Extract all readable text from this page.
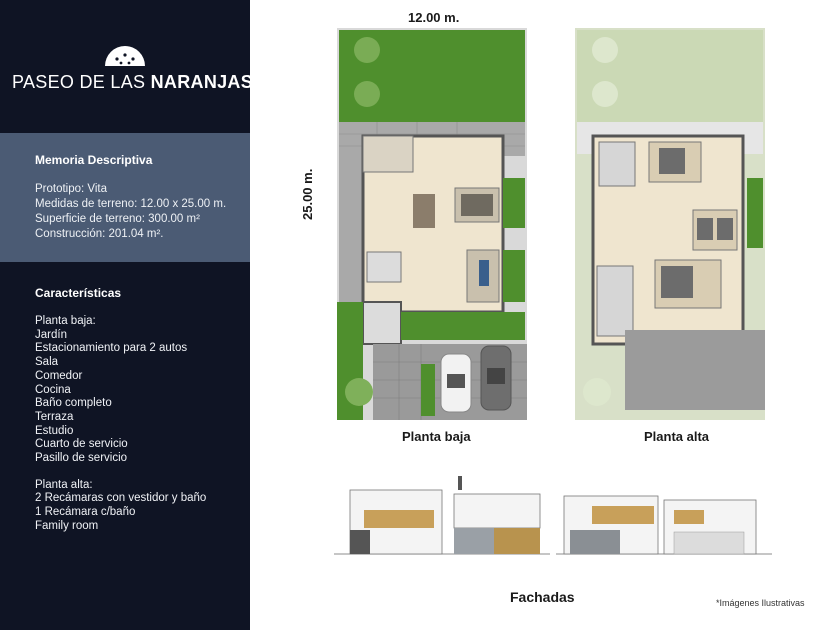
PASEO DE LAS NARANJAS
Memoria Descriptiva
Prototipo: Vita
Medidas de terreno: 12.00 x 25.00 m.
Superficie de terreno: 300.00 m²
Construcción: 201.04 m².
Características
Planta baja:
Jardín
Estacionamiento para 2 autos
Sala
Comedor
Cocina
Baño completo
Terraza
Estudio
Cuarto de servicio
Pasillo de servicio
Planta alta:
2 Recámaras con vestidor y baño
1 Recámara c/baño
Family room
12.00 m.
25.00 m.
Planta baja	Planta alta
Fachadas	*Imágenes Ilustrativas
